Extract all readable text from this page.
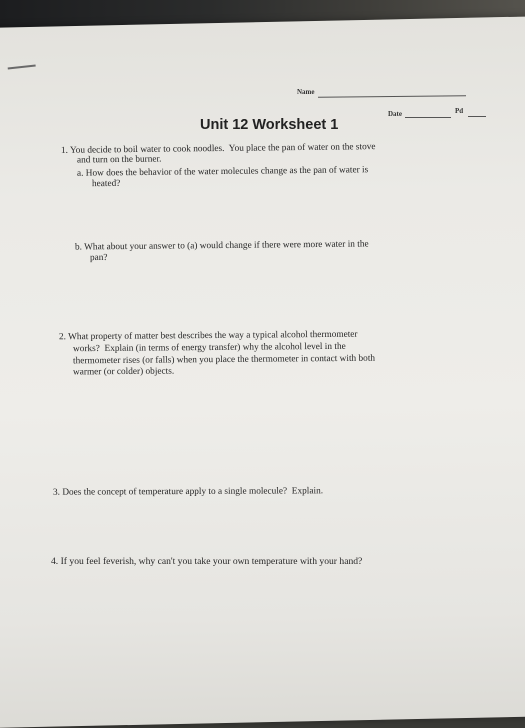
Name
Date	Pd
Unit 12 Worksheet 1
1. You decide to boil water to cook noodles.  You place the pan of water on the stove
and turn on the burner.
a. How does the behavior of the water molecules change as the pan of water is
heated?
b. What about your answer to (a) would change if there were more water in the
pan?
2. What property of matter best describes the way a typical alcohol thermometer
works?  Explain (in terms of energy transfer) why the alcohol level in the
thermometer rises (or falls) when you place the thermometer in contact with both
warmer (or colder) objects.
3. Does the concept of temperature apply to a single molecule?  Explain.
4. If you feel feverish, why can't you take your own temperature with your hand?
